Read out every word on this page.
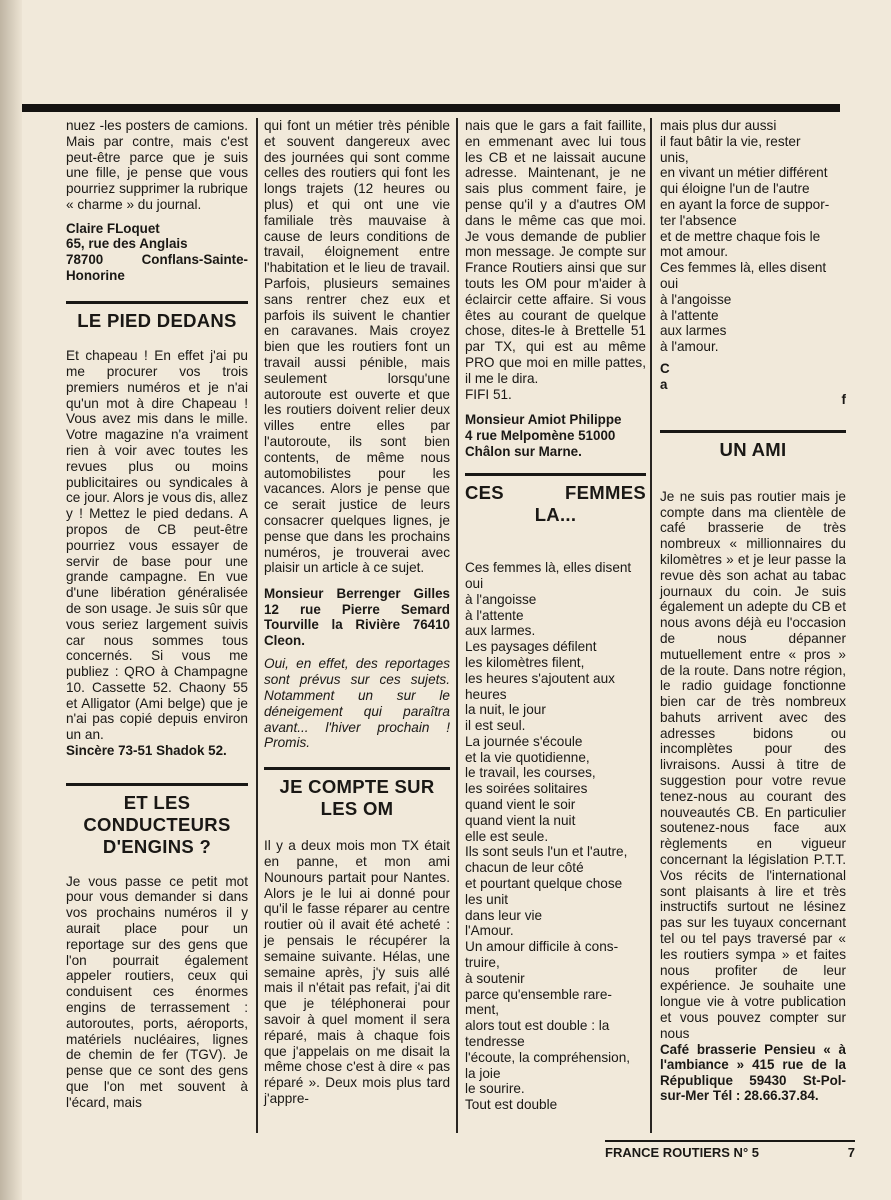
nuez -les posters de camions. Mais par contre, mais c'est peut-être parce que je suis une fille, je pense que vous pourriez supprimer la rubrique « charme » du journal.

Claire FLoquet

65, rue des Anglais

78700 Conflans-Sainte-

Honorine

LE PIED DEDANS

Et chapeau ! En effet j'ai pu me procurer vos trois premiers numéros et je n'ai qu'un mot à dire Chapeau ! Vous avez mis dans le mille. Votre magazine n'a vraiment rien à voir avec toutes les revues plus ou moins publicitaires ou syndicales à ce jour. Alors je vous dis, allez y ! Mettez le pied dedans. A propos de CB peut-être pourriez vous essayer de servir de base pour une grande campagne. En vue d'une libération généralisée de son usage. Je suis sûr que vous seriez largement suivis car nous sommes tous concernés. Si vous me publiez : QRO à Champagne 10. Cassette 52. Chaony 55 et Alligator (Ami belge) que je n'ai pas copié depuis environ un an.

Sincère 73-51 Shadok 52.

ET LES CONDUCTEURS D'ENGINS ?

Je vous passe ce petit mot pour vous demander si dans vos prochains numéros il y aurait place pour un reportage sur des gens que l'on pourrait également appeler routiers, ceux qui conduisent ces énormes engins de terrassement : autoroutes, ports, aéroports, matériels nucléaires, lignes de chemin de fer (TGV). Je pense que ce sont des gens que l'on met souvent à l'écard, mais

qui font un métier très pénible et souvent dangereux avec des journées qui sont comme celles des routiers qui font les longs trajets (12 heures ou plus) et qui ont une vie familiale très mauvaise à cause de leurs conditions de travail, éloignement entre l'habitation et le lieu de travail. Parfois, plusieurs semaines sans rentrer chez eux et parfois ils suivent le chantier en caravanes. Mais croyez bien que les routiers font un travail aussi pénible, mais seulement lorsqu'une autoroute est ouverte et que les routiers doivent relier deux villes entre elles par l'autoroute, ils sont bien contents, de même nous automobilistes pour les vacances. Alors je pense que ce serait justice de leurs consacrer quelques lignes, je pense que dans les prochains numéros, je trouverai avec plaisir un article à ce sujet.

Monsieur Berrenger Gilles 12 rue Pierre Semard Tourville la Rivière 76410 Cleon.

Oui, en effet, des reportages sont prévus sur ces sujets. Notamment un sur le déneigement qui paraîtra avant... l'hiver prochain ! Promis.

JE COMPTE SUR LES OM

Il y a deux mois mon TX était en panne, et mon ami Nounours partait pour Nantes. Alors je le lui ai donné pour qu'il le fasse réparer au centre routier où il avait été acheté : je pensais le récupérer la semaine suivante. Hélas, une semaine après, j'y suis allé mais il n'était pas refait, j'ai dit que je téléphonerai pour savoir à quel moment il sera réparé, mais à chaque fois que j'appelais on me disait la même chose c'est à dire « pas réparé ». Deux mois plus tard j'appre-

nais que le gars a fait faillite, en emmenant avec lui tous les CB et ne laissait aucune adresse. Maintenant, je ne sais plus comment faire, je pense qu'il y a d'autres OM dans le même cas que moi. Je vous demande de publier mon message. Je compte sur France Routiers ainsi que sur touts les OM pour m'aider à éclaircir cette affaire. Si vous êtes au courant de quelque chose, dites-le à Brettelle 51 par TX, qui est au même PRO que moi en mille pattes, il me le dira.

FIFI 51.

Monsieur Amiot Philippe

4 rue Melpomène 51000

Châlon sur Marne.

CES FEMMES
LA...

Ces femmes là, elles disent

oui

à l'angoisse

à l'attente

aux larmes.

Les paysages défilent

les kilomètres filent,

les heures s'ajoutent aux

heures

la nuit, le jour

il est seul.

La journée s'écoule

et la vie quotidienne,

le travail, les courses,

les soirées solitaires

quand vient le soir

quand vient la nuit

elle est seule.

Ils sont seuls l'un et l'autre,

chacun de leur côté

et pourtant quelque chose

les unit

dans leur vie

l'Amour.

Un amour difficile à cons-

truire,

à soutenir

parce qu'ensemble rare-

ment,

alors tout est double : la

tendresse

l'écoute, la compréhension,

la joie

le sourire.

Tout est double

mais plus dur aussi

il faut bâtir la vie, rester

unis,

en vivant un métier différent

qui éloigne l'un de l'autre

en ayant la force de suppor-

ter l'absence

et de mettre chaque fois le

mot amour.

Ces femmes là, elles disent

oui

à l'angoisse

à l'attente

aux larmes

à l'amour.

C

a

f

UN AMI

Je ne suis pas routier mais je compte dans ma clientèle de café brasserie de très nombreux « millionnaires du kilomètres » et je leur passe la revue dès son achat au tabac journaux du coin. Je suis également un adepte du CB et nous avons déjà eu l'occasion de nous dépanner mutuellement entre « pros » de la route. Dans notre région, le radio guidage fonctionne bien car de très nombreux bahuts arrivent avec des adresses bidons ou incomplètes pour des livraisons. Aussi à titre de suggestion pour votre revue tenez-nous au courant des nouveautés CB. En particulier soutenez-nous face aux règlements en vigueur concernant la législation P.T.T. Vos récits de l'international sont plaisants à lire et très instructifs surtout ne lésinez pas sur les tuyaux concernant tel ou tel pays traversé par « les routiers sympa » et faites nous profiter de leur expérience. Je souhaite une longue vie à votre publication et vous pouvez compter sur nous

Café brasserie Pensieu « à l'ambiance » 415 rue de la République 59430 St-Pol-sur-Mer Tél : 28.66.37.84.

FRANCE ROUTIERS N° 5	7
